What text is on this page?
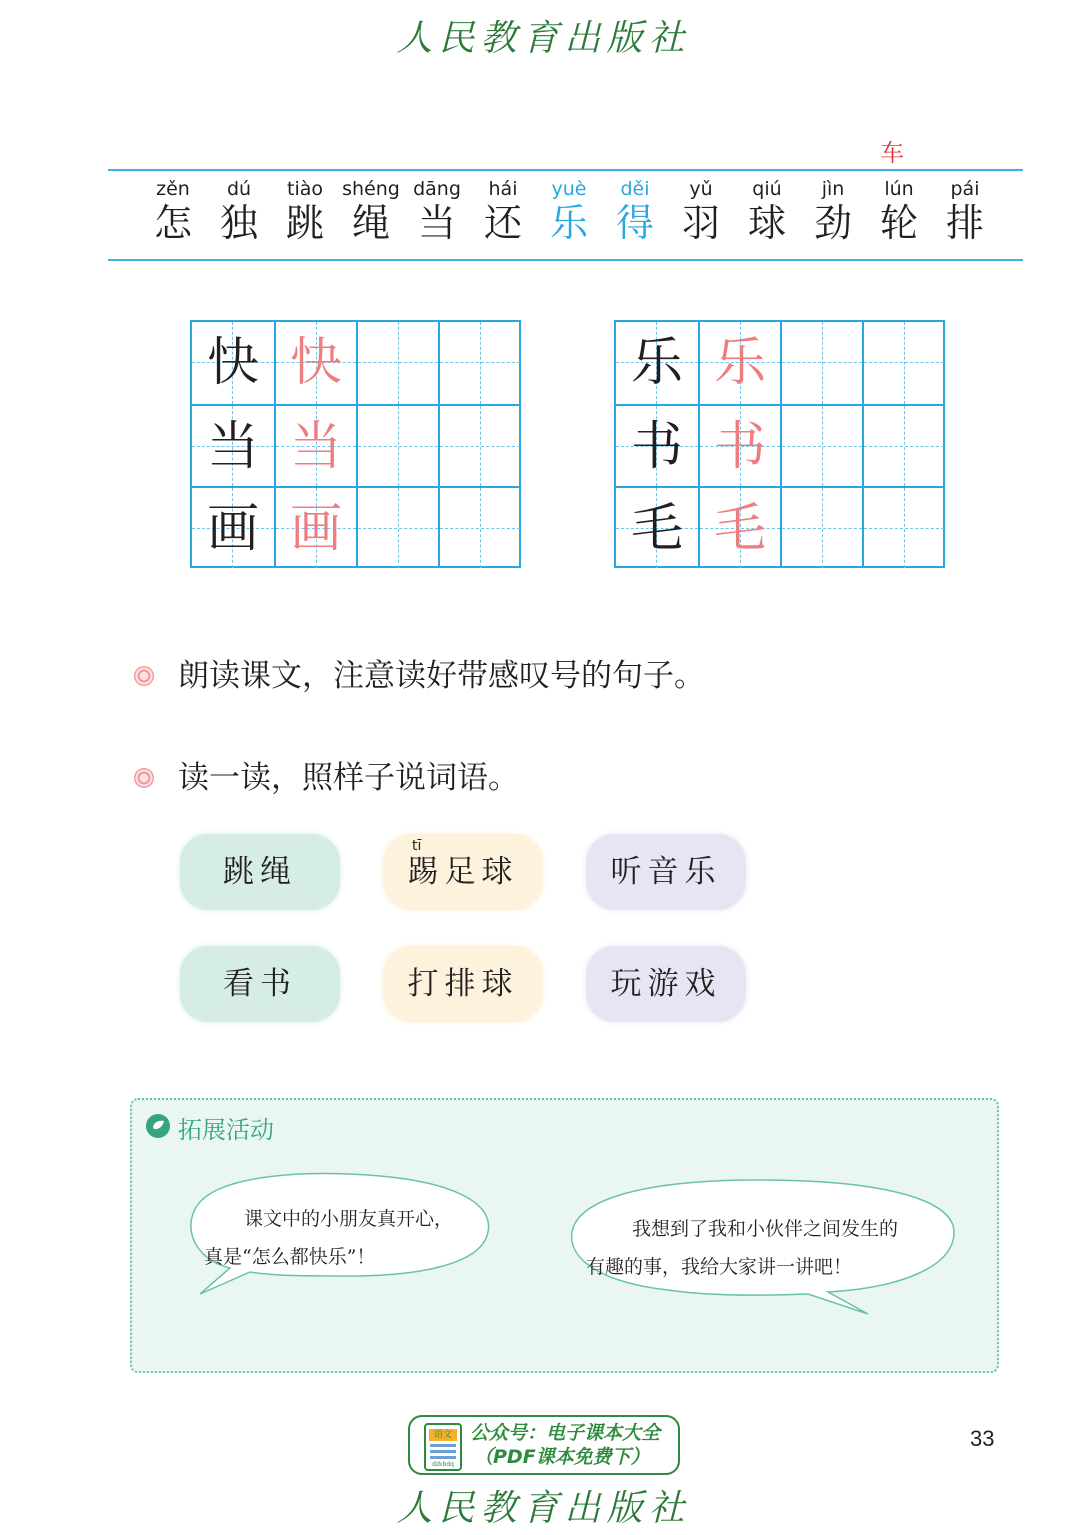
人民教育出版社
车
zěn
怎
dú
独
tiào
跳
shéng
绳
dāng
当
hái
还
yuè
乐
děi
得
yǔ
羽
qiú
球
jìn
劲
lún
轮
pái
排
快 快
当 当
画 画
乐 乐
书 书
毛 毛
朗读课文，注意读好带感叹号的句子。
读一读，照样子说词语。
跳绳	踢足球
tī
听音乐
看书	打排球	玩游戏
拓展活动
课文中的小朋友真开心，
真是“怎么都快乐”！
我想到了我和小伙伴之间发生的
有趣的事，我给大家讲一讲吧！
语文
dzkbdq
公众号：电子课本大全
（PDF课本免费下）
33
人民教育出版社
